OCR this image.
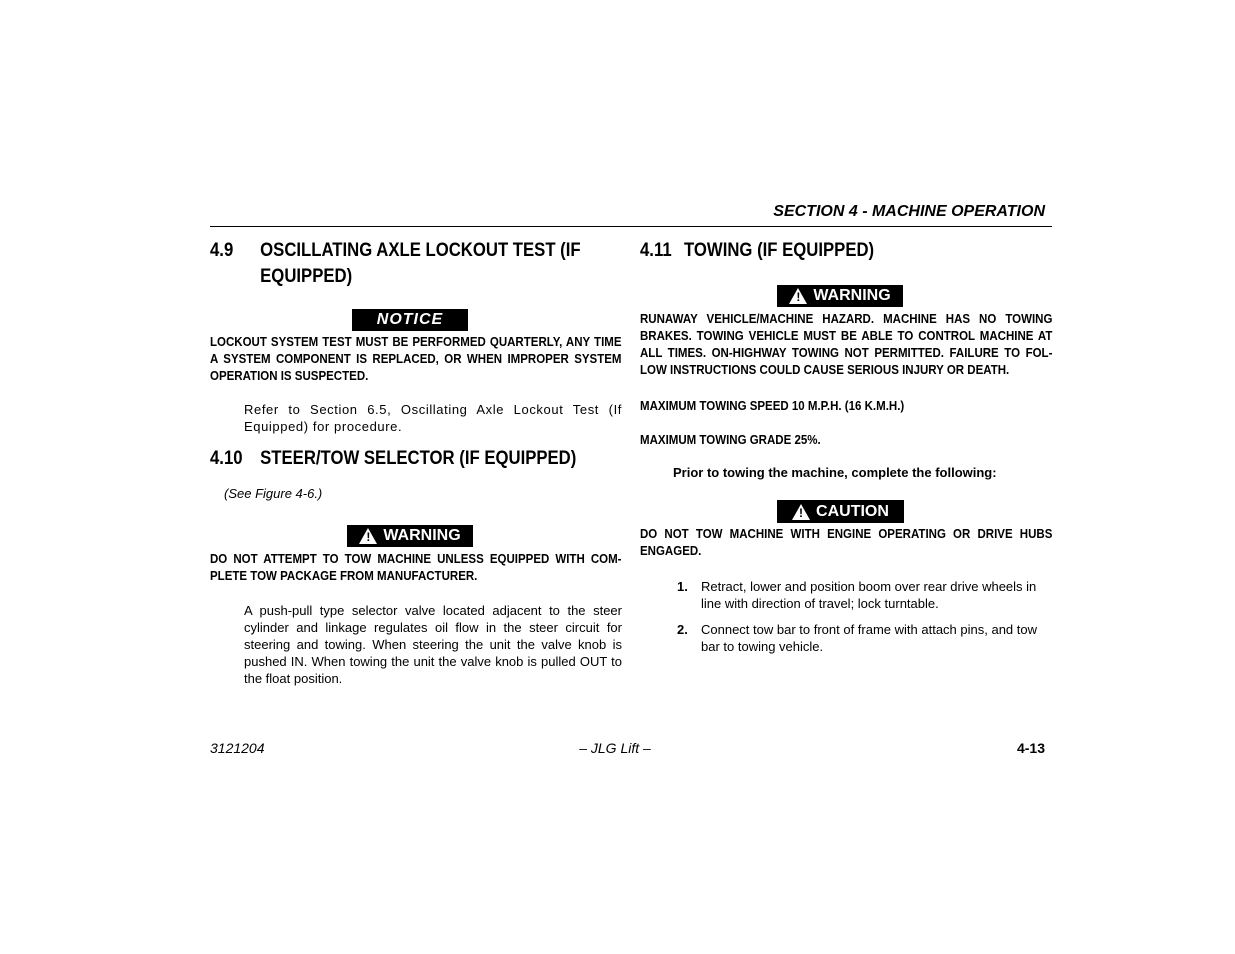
SECTION 4 - MACHINE OPERATION
4.9 OSCILLATING AXLE LOCKOUT TEST (IF
EQUIPPED)
NOTICE
LOCKOUT SYSTEM TEST MUST BE PERFORMED QUARTERLY, ANY TIME A SYSTEM COMPONENT IS REPLACED, OR WHEN IMPROPER SYSTEM OPERATION IS SUSPECTED.
Refer to Section 6.5, Oscillating Axle Lockout Test (If Equipped) for procedure.
4.10 STEER/TOW SELECTOR (IF EQUIPPED)
(See Figure 4-6.)
! WARNING
DO NOT ATTEMPT TO TOW MACHINE UNLESS EQUIPPED WITH COM-PLETE TOW PACKAGE FROM MANUFACTURER.
A push-pull type selector valve located adjacent to the steer cylinder and linkage regulates oil flow in the steer circuit for steering and towing. When steering the unit the valve knob is pushed IN. When towing the unit the valve knob is pulled OUT to the float position.
4.11 TOWING (IF EQUIPPED)
! WARNING
RUNAWAY VEHICLE/MACHINE HAZARD. MACHINE HAS NO TOWING BRAKES. TOWING VEHICLE MUST BE ABLE TO CONTROL MACHINE AT ALL TIMES. ON-HIGHWAY TOWING NOT PERMITTED. FAILURE TO FOL-LOW INSTRUCTIONS COULD CAUSE SERIOUS INJURY OR DEATH.
MAXIMUM TOWING SPEED 10 M.P.H. (16 K.M.H.)
MAXIMUM TOWING GRADE 25%.
Prior to towing the machine, complete the following:
! CAUTION
DO NOT TOW MACHINE WITH ENGINE OPERATING OR DRIVE HUBS ENGAGED.
1. Retract, lower and position boom over rear drive wheels in line with direction of travel; lock turntable.
2. Connect tow bar to front of frame with attach pins, and tow bar to towing vehicle.
3121204	– JLG Lift –	4-13
